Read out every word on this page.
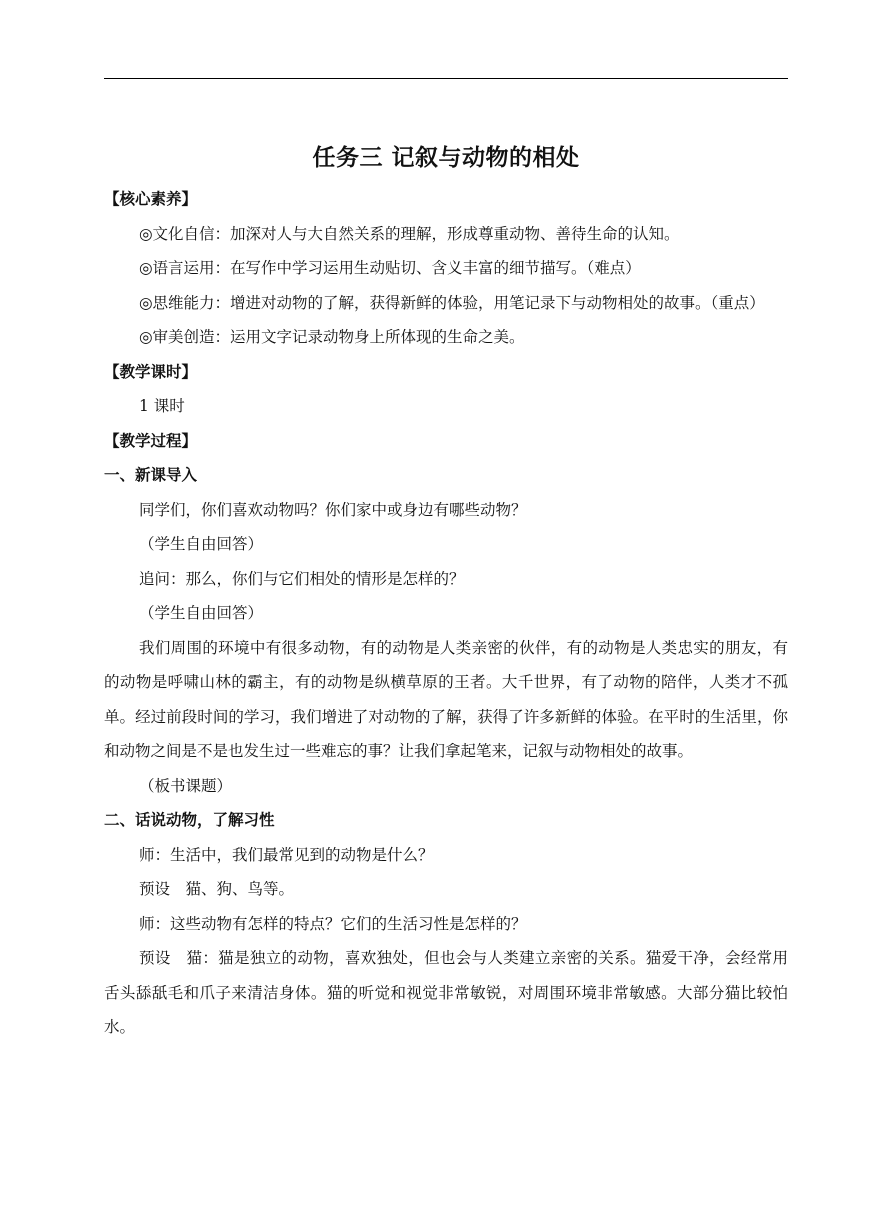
任务三 记叙与动物的相处
【核心素养】
◎文化自信：加深对人与大自然关系的理解，形成尊重动物、善待生命的认知。
◎语言运用：在写作中学习运用生动贴切、含义丰富的细节描写。（难点）

◎思维能力：增进对动物的了解，获得新鲜的体验，用笔记录下与动物相处的故事。（重点）

◎审美创造：运用文字记录动物身上所体现的生命之美。
【教学课时】
1 课时
【教学过程】
一、新课导入
同学们，你们喜欢动物吗？你们家中或身边有哪些动物？
（学生自由回答）
追问：那么，你们与它们相处的情形是怎样的？
（学生自由回答）

我们周围的环境中有很多动物，有的动物是人类亲密的伙伴，有的动物是人类忠实的朋友，有的动物是呼啸山林的霸主，有的动物是纵横草原的王者。大千世界，有了动物的陪伴，人类才不孤单。经过前段时间的学习，我们增进了对动物的了解，获得了许多新鲜的体验。在平时的生活里，你和动物之间是不是也发生过一些难忘的事？让我们拿起笔来，记叙与动物相处的故事。

（板书课题）
二、话说动物，了解习性
师：生活中，我们最常见到的动物是什么？
预设　猫、狗、鸟等。
师：这些动物有怎样的特点？它们的生活习性是怎样的？

预设　猫：猫是独立的动物，喜欢独处，但也会与人类建立亲密的关系。猫爱干净，会经常用舌头舔舐毛和爪子来清洁身体。猫的听觉和视觉非常敏锐，对周围环境非常敏感。大部分猫比较怕水。
